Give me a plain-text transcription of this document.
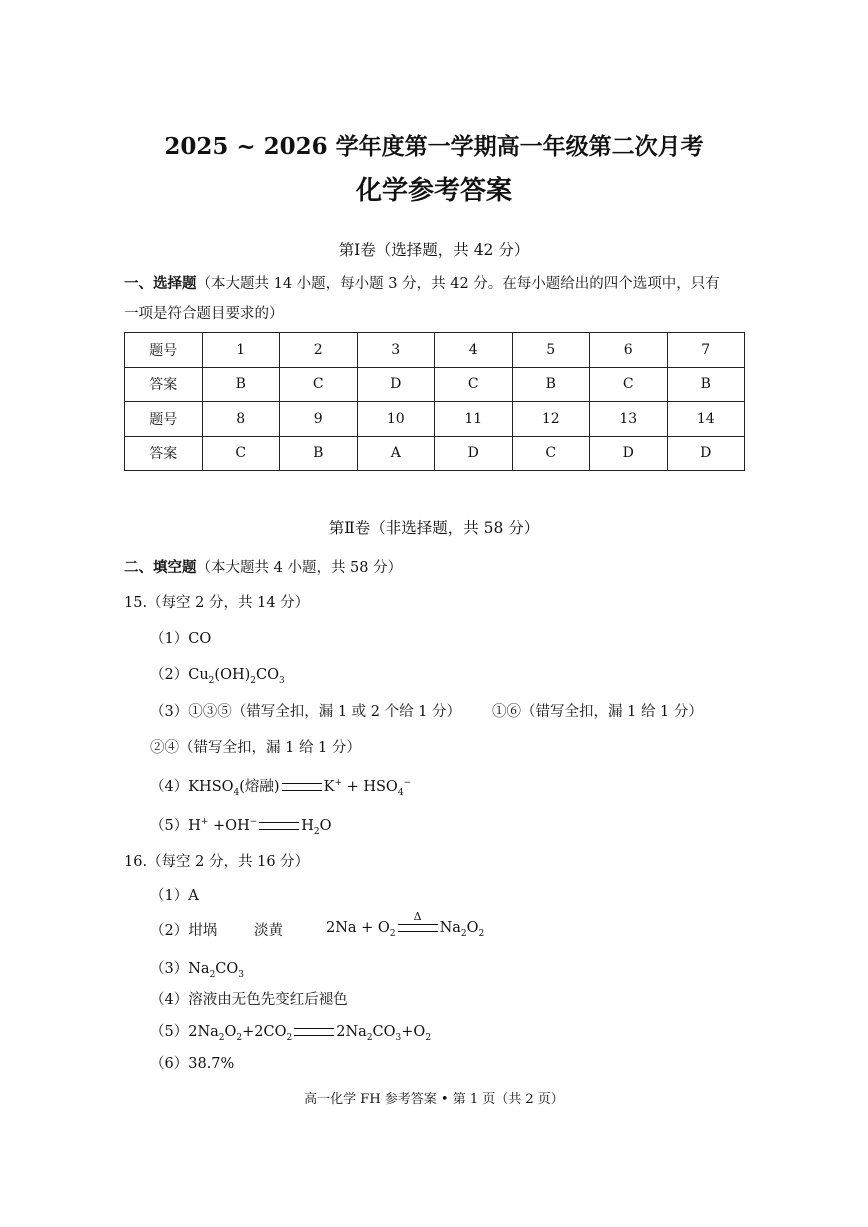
2025 ~ 2026 学年度第一学期高一年级第二次月考
化学参考答案
第Ⅰ卷（选择题，共 42 分）
一、选择题（本大题共 14 小题，每小题 3 分，共 42 分。在每小题给出的四个选项中，只有
一项是符合题目要求的）
题号	1	2	3	4	5	6	7
答案	B	C	D	C	B	C	B
题号	8	9	10	11	12	13	14
答案	C	B	A	D	C	D	D
第Ⅱ卷（非选择题，共 58 分）
二、填空题（本大题共 4 小题，共 58 分）
15.（每空 2 分，共 14 分）
（1）CO
$(2)Cu_2(OH)_2CO_3$
（3）①③⑤（错写全扣，漏 1 或 2 个给 1 分） ①⑥（错写全扣，漏 1 给 1 分）
②④（错写全扣，漏 1 给 1 分）
$(4)KHSO_4$(熔融)	$K^+ + HSO_4^-$
（5）H+ +OH−	$H_2O$
16.（每空 2 分，共 16 分）
（1）A
（2）坩埚	淡黄	$2Na + O_2$
Δ
$Na_2O_2$
$(3)Na_2CO_3$
（4）溶液由无色先变红后褪色
$(5)2Na_2O_2+2CO_2$	$2Na_2CO_3+O_2$
（6）38.7%
高一化学 FH 参考答案 • 第 1 页（共 2 页）
